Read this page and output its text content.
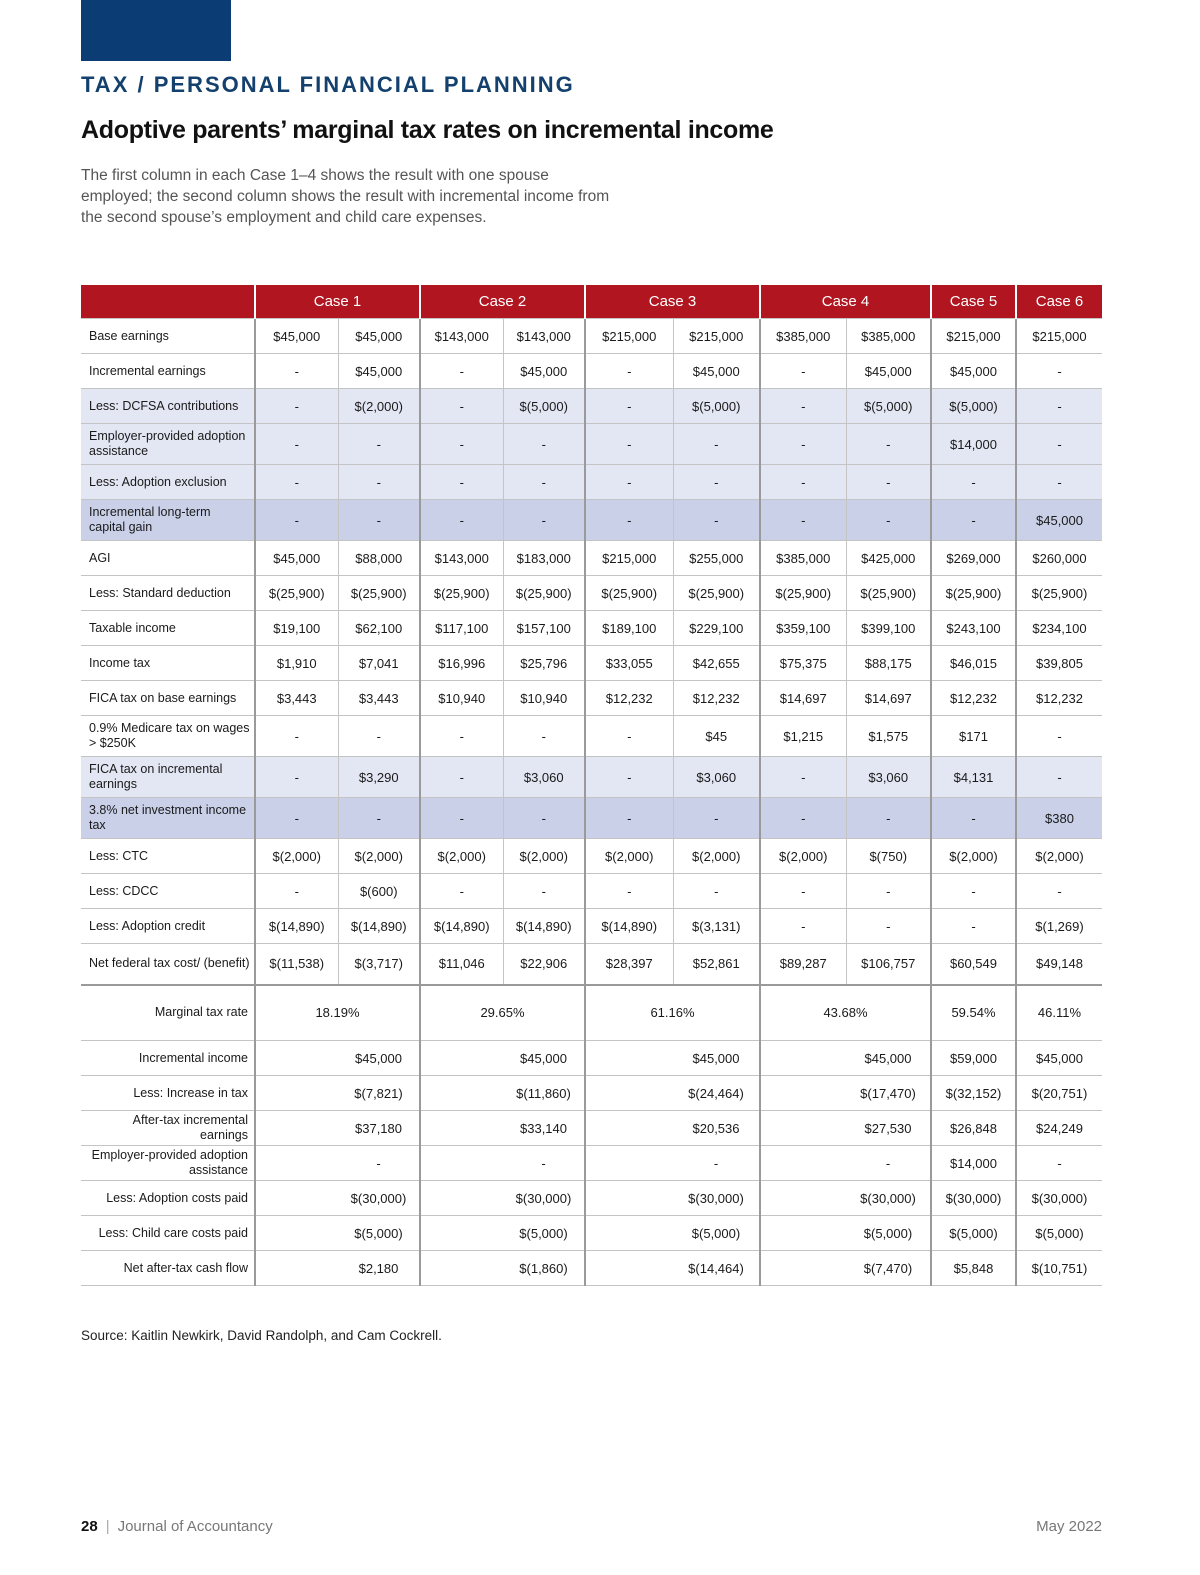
TAX / PERSONAL FINANCIAL PLANNING
Adoptive parents’ marginal tax rates on incremental income
The first column in each Case 1–4 shows the result with one spouse employed; the second column shows the result with incremental income from the second spouse’s employment and child care expenses.
	Case 1		Case 2		Case 3		Case 4		Case 5	Case 6
Base earnings	$45,000	$45,000	$143,000	$143,000	$215,000	$215,000	$385,000	$385,000	$215,000	$215,000
Incremental earnings	-	$45,000	-	$45,000	-	$45,000	-	$45,000	$45,000	-
Less: DCFSA contributions	-	$(2,000)	-	$(5,000)	-	$(5,000)	-	$(5,000)	$(5,000)	-
Employer-provided adoption assistance	-	-	-	-	-	-	-	-	$14,000	-
Less: Adoption exclusion	-	-	-	-	-	-	-	-	-	-
Incremental long-term capital gain	-	-	-	-	-	-	-	-	-	$45,000
AGI	$45,000	$88,000	$143,000	$183,000	$215,000	$255,000	$385,000	$425,000	$269,000	$260,000
Less: Standard deduction	$(25,900)	$(25,900)	$(25,900)	$(25,900)	$(25,900)	$(25,900)	$(25,900)	$(25,900)	$(25,900)	$(25,900)
Taxable income	$19,100	$62,100	$117,100	$157,100	$189,100	$229,100	$359,100	$399,100	$243,100	$234,100
Income tax	$1,910	$7,041	$16,996	$25,796	$33,055	$42,655	$75,375	$88,175	$46,015	$39,805
FICA tax on base earnings	$3,443	$3,443	$10,940	$10,940	$12,232	$12,232	$14,697	$14,697	$12,232	$12,232
0.9% Medicare tax on wages > $250K	-	-	-	-	-	$45	$1,215	$1,575	$171	-
FICA tax on incremental earnings	-	$3,290	-	$3,060	-	$3,060	-	$3,060	$4,131	-
3.8% net investment income tax	-	-	-	-	-	-	-	-	-	$380
Less: CTC	$(2,000)	$(2,000)	$(2,000)	$(2,000)	$(2,000)	$(2,000)	$(2,000)	$(750)	$(2,000)	$(2,000)
Less: CDCC	-	$(600)	-	-	-	-	-	-	-	-
Less: Adoption credit	$(14,890)	$(14,890)	$(14,890)	$(14,890)	$(14,890)	$(3,131)	-	-	-	$(1,269)
Net federal tax cost/ (benefit)	$(11,538)	$(3,717)	$11,046	$22,906	$28,397	$52,861	$89,287	$106,757	$60,549	$49,148
Marginal tax rate	18.19%		29.65%		61.16%		43.68%		59.54%	46.11%
Incremental income		$45,000		$45,000		$45,000		$45,000	$59,000	$45,000
Less: Increase in tax		$(7,821)		$(11,860)		$(24,464)		$(17,470)	$(32,152)	$(20,751)
After-tax incremental earnings		$37,180		$33,140		$20,536		$27,530	$26,848	$24,249
Employer-provided adoption assistance		-		-		-		-	$14,000	-
Less: Adoption costs paid		$(30,000)		$(30,000)		$(30,000)		$(30,000)	$(30,000)	$(30,000)
Less: Child care costs paid		$(5,000)		$(5,000)		$(5,000)		$(5,000)	$(5,000)	$(5,000)
Net after-tax cash flow		$2,180		$(1,860)		$(14,464)		$(7,470)	$5,848	$(10,751)
Source: Kaitlin Newkirk, David Randolph, and Cam Cockrell.
28 | Journal of Accountancy	May 2022
